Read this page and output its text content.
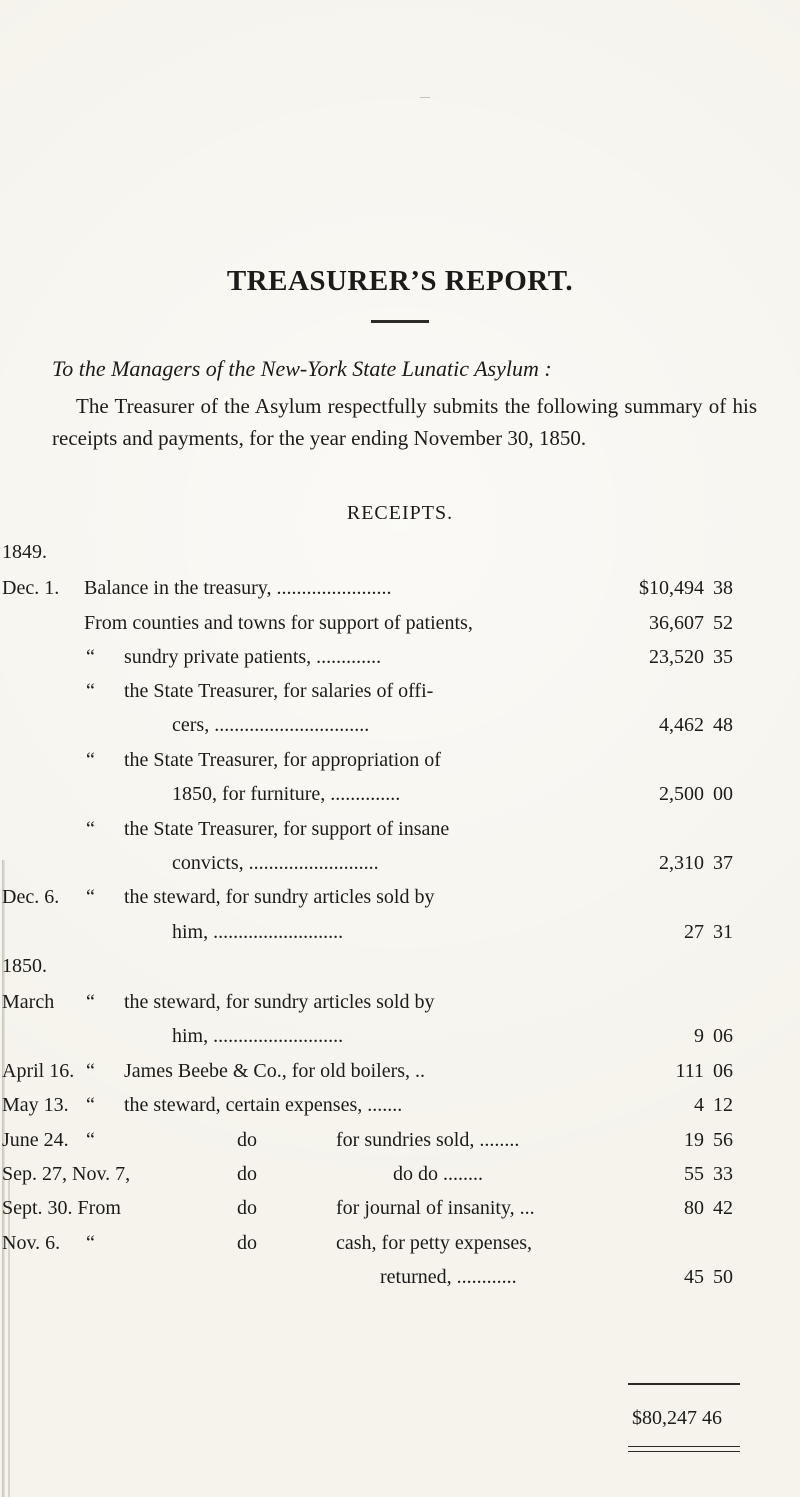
TREASURER’S REPORT.
To the Managers of the New-York State Lunatic Asylum :
The Treasurer of the Asylum respectfully submits the following summary of his receipts and payments, for the year ending November 30, 1850.
RECEIPTS.
1849.
Dec. 1. Balance in the treasury, .......................	$10,494 38
From counties and towns for support of patients,	36,607 52
“ sundry private patients, .............	23,520 35
“ the State Treasurer, for salaries of offi-
cers, ...............................	4,462 48
“ the State Treasurer, for appropriation of
1850, for furniture, ..............	2,500 00
“ the State Treasurer, for support of insane
convicts, ..........................	2,310 37
Dec. 6. “ the steward, for sundry articles sold by
him, ..........................	27 31
1850.
March “ the steward, for sundry articles sold by
him, ..........................	9 06
April 16. “ James Beebe & Co., for old boilers, ..	111 06
May 13. “ the steward, certain expenses, .......	4 12
June 24. “	do	for sundries sold, ........	19 56
Sep. 27, Nov. 7,	do	do do ........	55 33
Sept. 30. From	do	for journal of insanity, ...	80 42
Nov. 6. “	do	cash, for petty expenses,
returned, ............	45 50
$80,247 46
